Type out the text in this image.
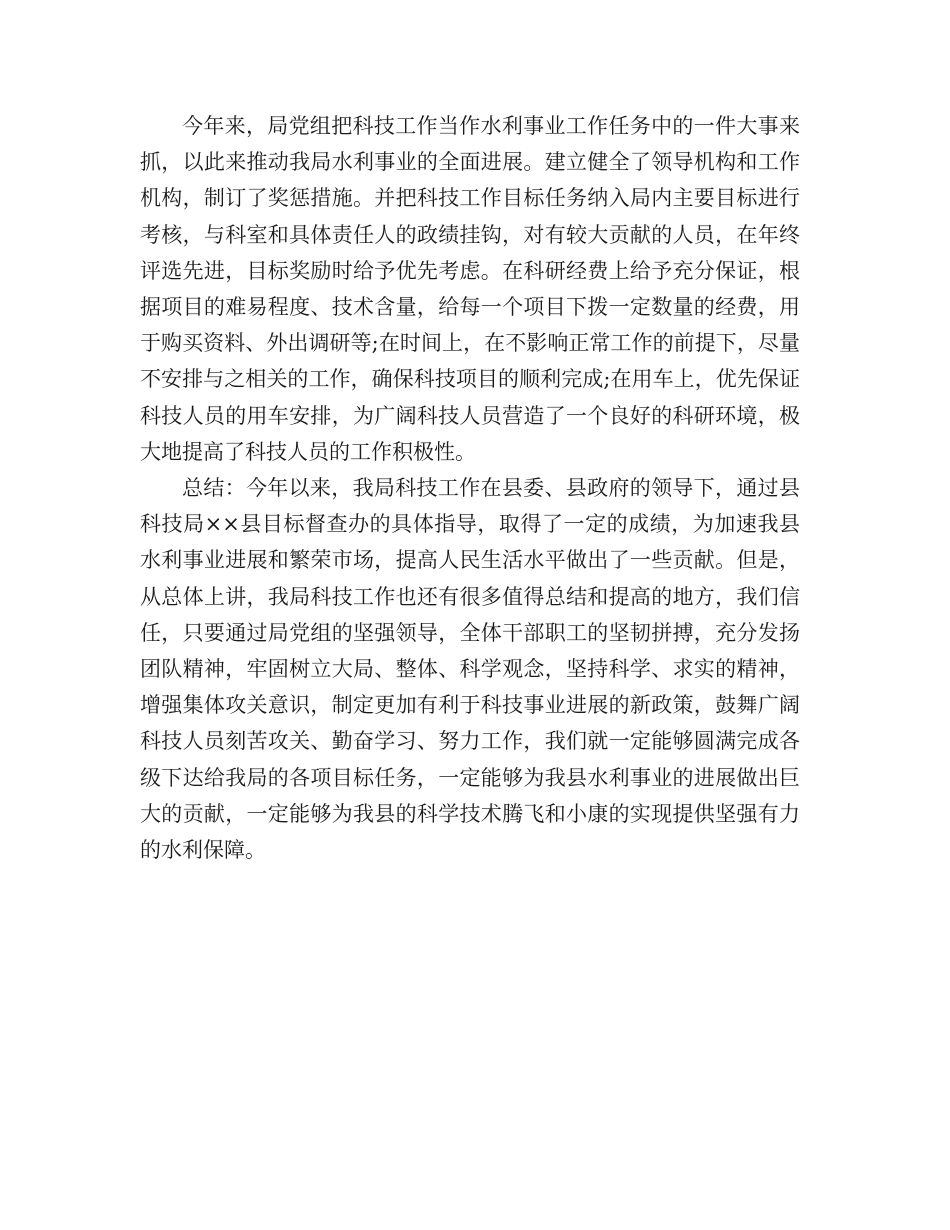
今年来，局党组把科技工作当作水利事业工作任务中的一件大事来抓，以此来推动我局水利事业的全面进展。建立健全了领导机构和工作机构，制订了奖惩措施。并把科技工作目标任务纳入局内主要目标进行考核，与科室和具体责任人的政绩挂钩，对有较大贡献的人员，在年终评选先进，目标奖励时给予优先考虑。在科研经费上给予充分保证，根据项目的难易程度、技术含量，给每一个项目下拨一定数量的经费，用于购买资料、外出调研等;在时间上，在不影响正常工作的前提下，尽量不安排与之相关的工作，确保科技项目的顺利完成;在用车上，优先保证科技人员的用车安排，为广阔科技人员营造了一个良好的科研环境，极大地提高了科技人员的工作积极性。

总结：今年以来，我局科技工作在县委、县政府的领导下，通过县科技局××县目标督查办的具体指导，取得了一定的成绩，为加速我县水利事业进展和繁荣市场，提高人民生活水平做出了一些贡献。但是，从总体上讲，我局科技工作也还有很多值得总结和提高的地方，我们信任，只要通过局党组的坚强领导，全体干部职工的坚韧拼搏，充分发扬团队精神，牢固树立大局、整体、科学观念，坚持科学、求实的精神，增强集体攻关意识，制定更加有利于科技事业进展的新政策，鼓舞广阔科技人员刻苦攻关、勤奋学习、努力工作，我们就一定能够圆满完成各级下达给我局的各项目标任务，一定能够为我县水利事业的进展做出巨大的贡献，一定能够为我县的科学技术腾飞和小康的实现提供坚强有力的水利保障。
